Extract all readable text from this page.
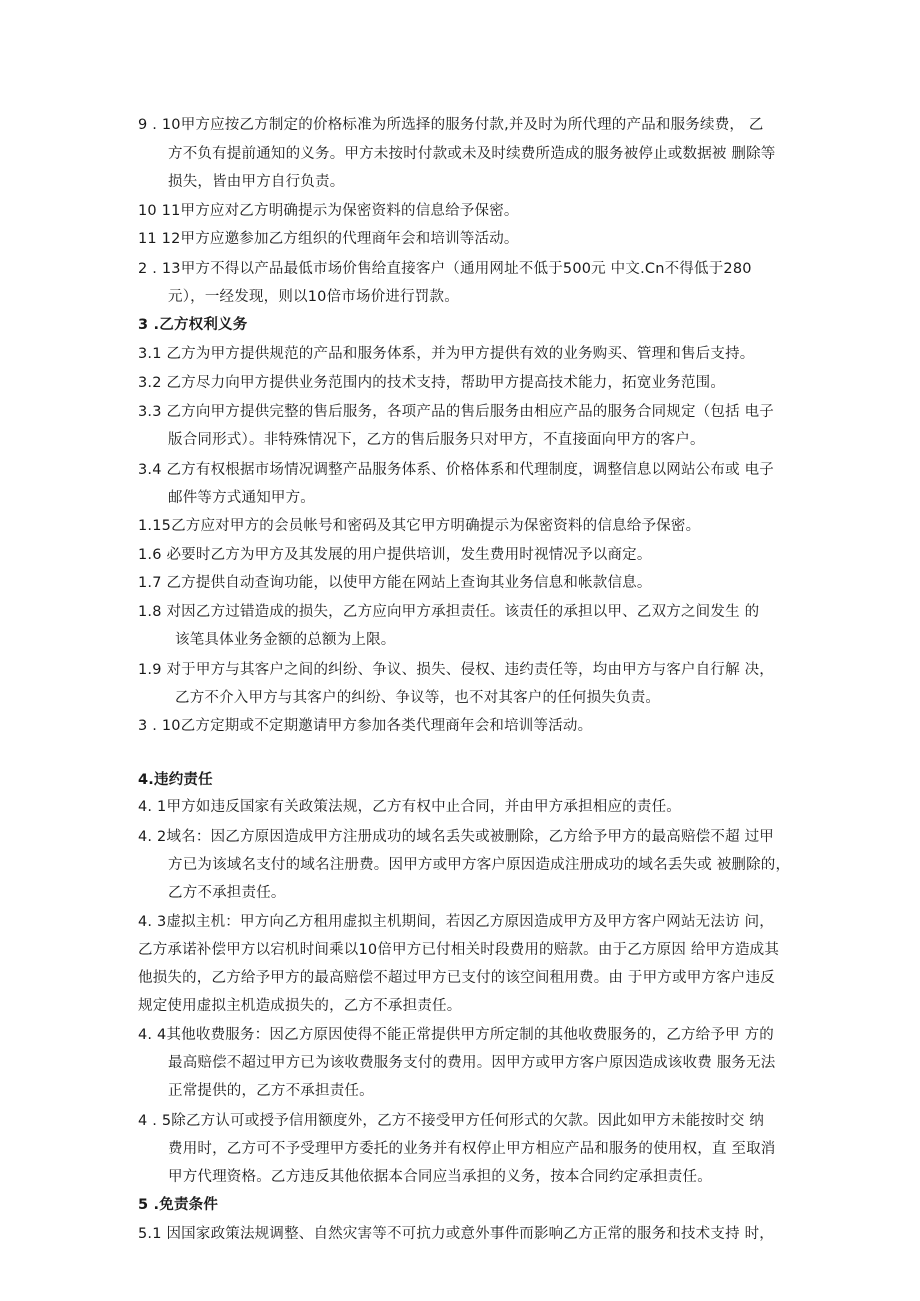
9 . 10甲方应按乙方制定的价格标准为所选择的服务付款,并及时为所代理的产品和服务续费， 乙
方不负有提前通知的义务。甲方未按时付款或未及时续费所造成的服务被停止或数据被 删除等
损失，皆由甲方自行负责。
10 11甲方应对乙方明确提示为保密资料的信息给予保密。
11 12甲方应邀参加乙方组织的代理商年会和培训等活动。
2 . 13甲方不得以产品最低市场价售给直接客户（通用网址不低于500元 中文.Cn不得低于280
元），一经发现，则以10倍市场价进行罚款。
3 .乙方权利义务
3.1 乙方为甲方提供规范的产品和服务体系，并为甲方提供有效的业务购买、管理和售后支持。
3.2 乙方尽力向甲方提供业务范围内的技术支持，帮助甲方提高技术能力，拓宽业务范围。
3.3 乙方向甲方提供完整的售后服务，各项产品的售后服务由相应产品的服务合同规定（包括 电子
版合同形式）。非特殊情况下，乙方的售后服务只对甲方，不直接面向甲方的客户。
3.4 乙方有权根据市场情况调整产品服务体系、价格体系和代理制度，调整信息以网站公布或 电子
邮件等方式通知甲方。
1.15乙方应对甲方的会员帐号和密码及其它甲方明确提示为保密资料的信息给予保密。
1.6 必要时乙方为甲方及其发展的用户提供培训，发生费用时视情况予以商定。
1.7 乙方提供自动查询功能，以使甲方能在网站上查询其业务信息和帐款信息。
1.8 对因乙方过错造成的损失，乙方应向甲方承担责任。该责任的承担以甲、乙双方之间发生 的
该笔具体业务金额的总额为上限。
1.9 对于甲方与其客户之间的纠纷、争议、损失、侵权、违约责任等，均由甲方与客户自行解 决，
乙方不介入甲方与其客户的纠纷、争议等，也不对其客户的任何损失负责。
3 . 10乙方定期或不定期邀请甲方参加各类代理商年会和培训等活动。
4.违约责任
4. 1甲方如违反国家有关政策法规，乙方有权中止合同，并由甲方承担相应的责任。
4. 2域名：因乙方原因造成甲方注册成功的域名丢失或被删除，乙方给予甲方的最高赔偿不超 过甲
方已为该域名支付的域名注册费。因甲方或甲方客户原因造成注册成功的域名丢失或 被删除的，
乙方不承担责任。
4. 3虚拟主机：甲方向乙方租用虚拟主机期间，若因乙方原因造成甲方及甲方客户网站无法访 问，
乙方承诺补偿甲方以宕机时间乘以10倍甲方已付相关时段费用的赔款。由于乙方原因 给甲方造成其
他损失的，乙方给予甲方的最高赔偿不超过甲方已支付的该空间租用费。由 于甲方或甲方客户违反
规定使用虚拟主机造成损失的，乙方不承担责任。
4. 4其他收费服务：因乙方原因使得不能正常提供甲方所定制的其他收费服务的，乙方给予甲 方的
最高赔偿不超过甲方已为该收费服务支付的费用。因甲方或甲方客户原因造成该收费 服务无法
正常提供的，乙方不承担责任。
4 . 5除乙方认可或授予信用额度外，乙方不接受甲方任何形式的欠款。因此如甲方未能按时交 纳
费用时，乙方可不予受理甲方委托的业务并有权停止甲方相应产品和服务的使用权，直 至取消
甲方代理资格。乙方违反其他依据本合同应当承担的义务，按本合同约定承担责任。
5 .免责条件
5.1 因国家政策法规调整、自然灾害等不可抗力或意外事件而影响乙方正常的服务和技术支持 时，
